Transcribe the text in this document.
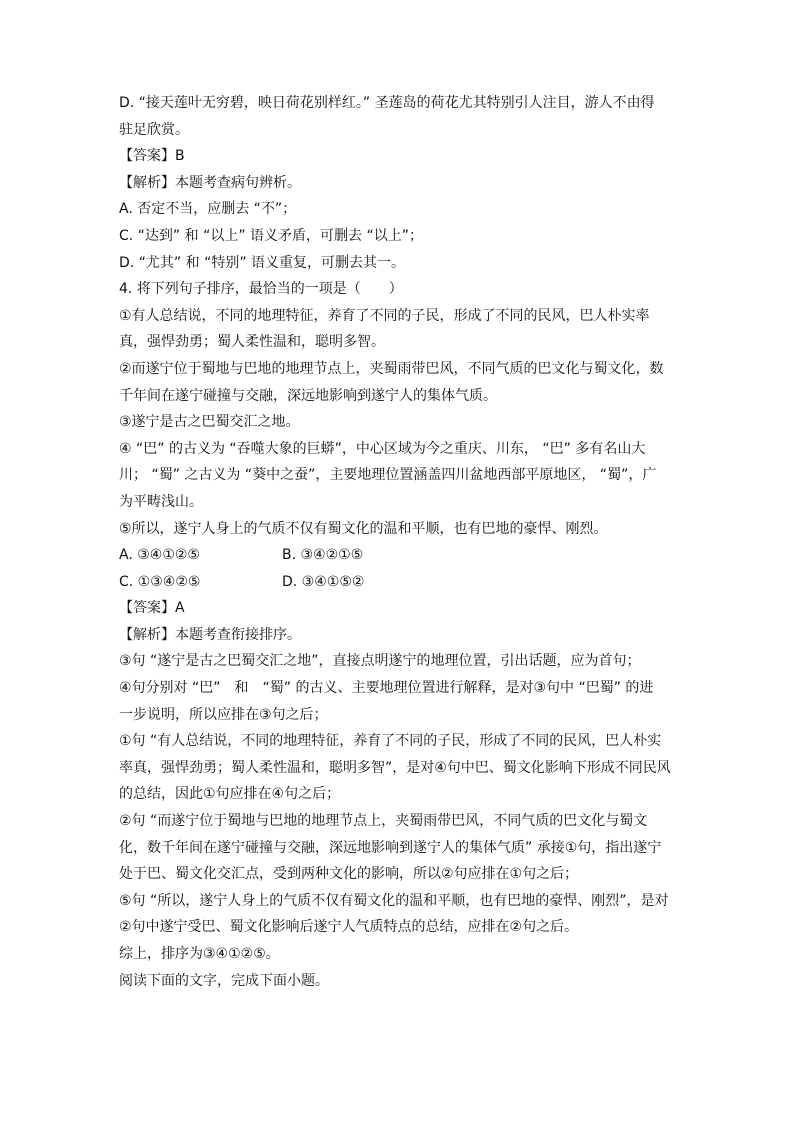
D. “接天莲叶无穷碧，映日荷花别样红。” 圣莲岛的荷花尤其特别引人注目，游人不由得

驻足欣赏。

【答案】B

【解析】本题考查病句辨析。

A. 否定不当，应删去 “不”；

C. “达到” 和 “以上” 语义矛盾，可删去 “以上”；

D. “尤其” 和 “特别” 语义重复，可删去其一。

4. 将下列句子排序，最恰当的一项是（　　）

①有人总结说，不同的地理特征，养育了不同的子民，形成了不同的民风，巴人朴实率

真，强悍劲勇；蜀人柔性温和，聪明多智。

②而遂宁位于蜀地与巴地的地理节点上，夹蜀雨带巴风，不同气质的巴文化与蜀文化，数

千年间在遂宁碰撞与交融，深远地影响到遂宁人的集体气质。

③遂宁是古之巴蜀交汇之地。

④ “巴” 的古义为 “吞噬大象的巨蟒”，中心区域为今之重庆、川东， “巴” 多有名山大

川； “蜀” 之古义为 “葵中之蚕”，主要地理位置涵盖四川盆地西部平原地区， “蜀”，广

为平畴浅山。

⑤所以，遂宁人身上的气质不仅有蜀文化的温和平顺，也有巴地的豪悍、刚烈。

A. ③④①②⑤	B. ③④②①⑤
C. ①③④②⑤	D. ③④①⑤②

【答案】A

【解析】本题考查衔接排序。

③句 “遂宁是古之巴蜀交汇之地”，直接点明遂宁的地理位置，引出话题，应为首句；

④句分别对 “巴”　和　“蜀” 的古义、主要地理位置进行解释，是对③句中 “巴蜀” 的进

一步说明，所以应排在③句之后；

①句 “有人总结说，不同的地理特征，养育了不同的子民，形成了不同的民风，巴人朴实

率真，强悍劲勇；蜀人柔性温和，聪明多智”，是对④句中巴、蜀文化影响下形成不同民风

的总结，因此①句应排在④句之后；

②句 “而遂宁位于蜀地与巴地的地理节点上，夹蜀雨带巴风，不同气质的巴文化与蜀文

化，数千年间在遂宁碰撞与交融，深远地影响到遂宁人的集体气质” 承接①句，指出遂宁

处于巴、蜀文化交汇点，受到两种文化的影响，所以②句应排在①句之后；

⑤句 “所以，遂宁人身上的气质不仅有蜀文化的温和平顺，也有巴地的豪悍、刚烈”，是对

②句中遂宁受巴、蜀文化影响后遂宁人气质特点的总结，应排在②句之后。

综上，排序为③④①②⑤。

阅读下面的文字，完成下面小题。
